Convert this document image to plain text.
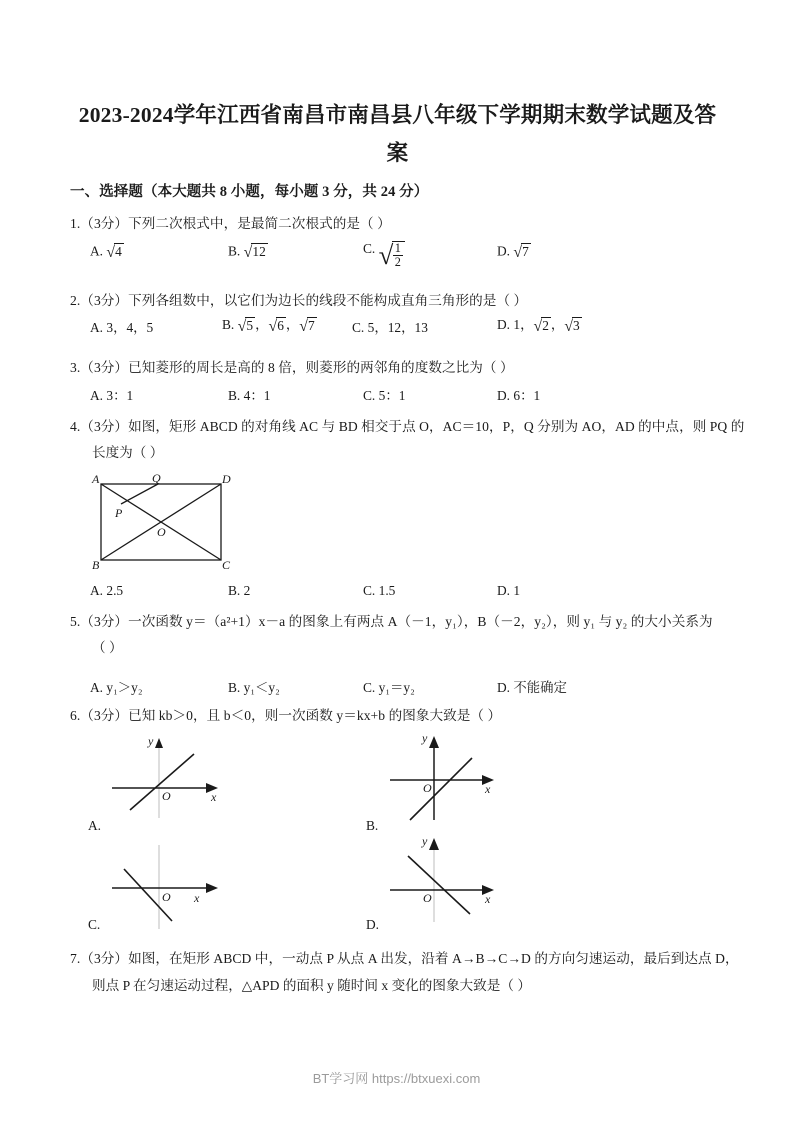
2023-2024学年江西省南昌市南昌县八年级下学期期末数学试题及答
案
一、选择题（本大题共 8 小题，每小题 3 分，共 24 分）
1.（3分）下列二次根式中，是最简二次根式的是（ ）
A. √4	B. √12	C. √ $\frac{1}{2}$	D. √7
2.（3分）下列各组数中，以它们为边长的线段不能构成直角三角形的是（ ）
A. 3，4，5	B. √5 ，√6 ，√7	C. 5，12，13	D. 1，√2 ，√3
3.（3分）已知菱形的周长是高的 8 倍，则菱形的两邻角的度数之比为（ ）
A. 3：1	B. 4：1	C. 5：1	D. 6：1
4.（3分）如图，矩形 ABCD 的对角线 AC 与 BD 相交于点 O，AC＝10，P，Q 分别为 AO，AD 的中点，则 PQ 的
长度为（ ）
A	D
B	C
Q
P
O
A. 2.5	B. 2	C. 1.5	D. 1
5.（3分）一次函数 y＝（a²+1）x－a 的图象上有两点 A（－1，y₁），B（－2，y₂），则 y₁ 与 y₂ 的大小关系为
（ ）
A. y₁＞y₂	B. y₁＜y₂	C. y₁＝y₂	D. 不能确定
6.（3分）已知 kb＞0，且 b＜0，则一次函数 y＝kx+b 的图象大致是（ ）
y
O	x
A.
y
O	x
B.
O x
C.
y
O	x
D.
7.（3分）如图，在矩形 ABCD 中，一动点 P 从点 A 出发，沿着 A→B→C→D 的方向匀速运动，最后到达点 D，
则点 P 在匀速运动过程，△APD 的面积 y 随时间 x 变化的图象大致是（ ）
BT学习网 https://btxuexi.com
